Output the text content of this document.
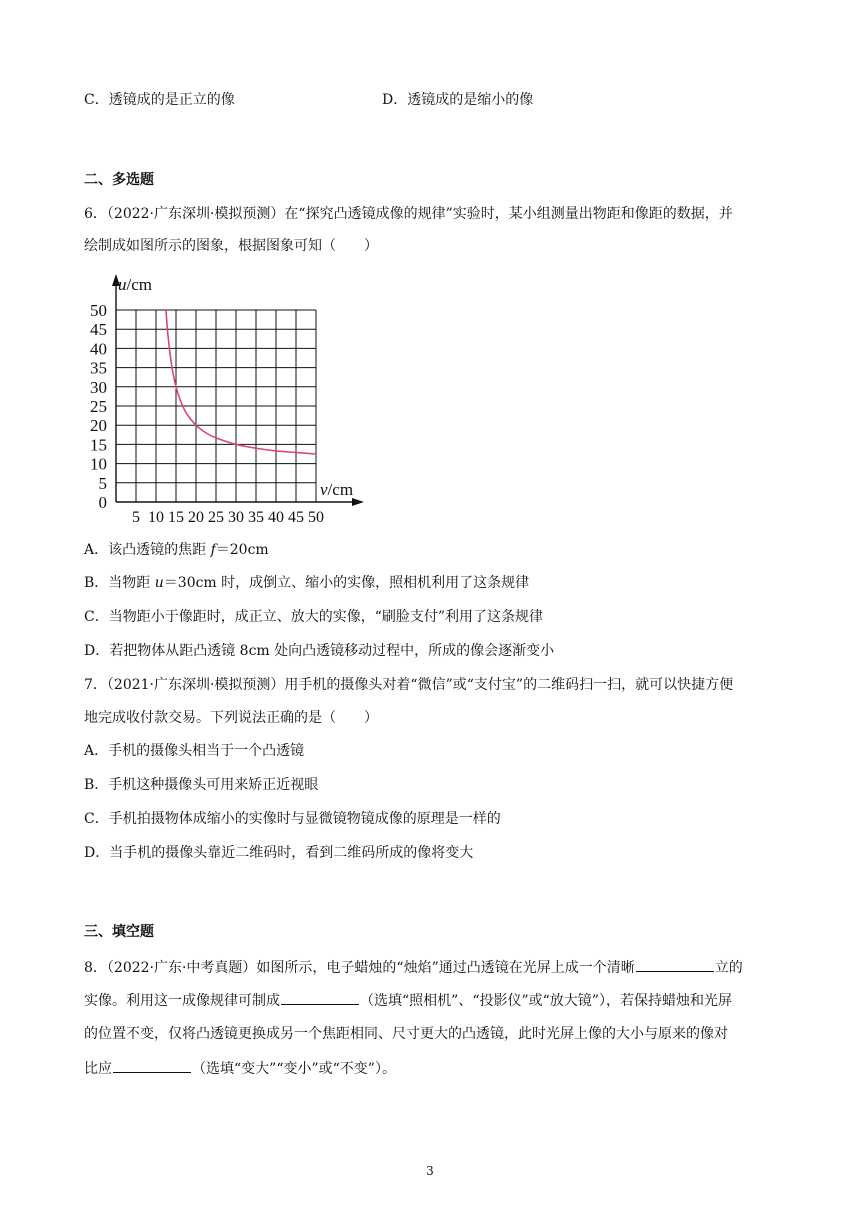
C．透镜成的是正立的像	D．透镜成的是缩小的像
二、多选题
6．（2022·广东深圳·模拟预测）在“探究凸透镜成像的规律”实验时，某小组测量出物距和像距的数据，并
绘制成如图所示的图象，根据图象可知（　　）
0
5
10
15
20
25
30
35
40
45
50
5 10 15 20 25 30 35 40 45 50
u/cm
v/cm
A．该凸透镜的焦距 f＝20cm
B．当物距 u＝30cm 时，成倒立、缩小的实像，照相机利用了这条规律
C．当物距小于像距时，成正立、放大的实像，“刷脸支付”利用了这条规律
D．若把物体从距凸透镜 8cm 处向凸透镜移动过程中，所成的像会逐渐变小
7．（2021·广东深圳·模拟预测）用手机的摄像头对着“微信”或“支付宝”的二维码扫一扫，就可以快捷方便
地完成收付款交易。下列说法正确的是（　　）
A．手机的摄像头相当于一个凸透镜
B．手机这种摄像头可用来矫正近视眼
C．手机拍摄物体成缩小的实像时与显微镜物镜成像的原理是一样的
D．当手机的摄像头靠近二维码时，看到二维码所成的像将变大
三、填空题
8．（2022·广东·中考真题）如图所示，电子蜡烛的“烛焰”通过凸透镜在光屏上成一个清晰	立的
实像。利用这一成像规律可制成	（选填“照相机”、“投影仪”或“放大镜”），若保持蜡烛和光屏
的位置不变，仅将凸透镜更换成另一个焦距相同、尺寸更大的凸透镜，此时光屏上像的大小与原来的像对
比应	（选填“变大”“变小”或“不变”）。
3
